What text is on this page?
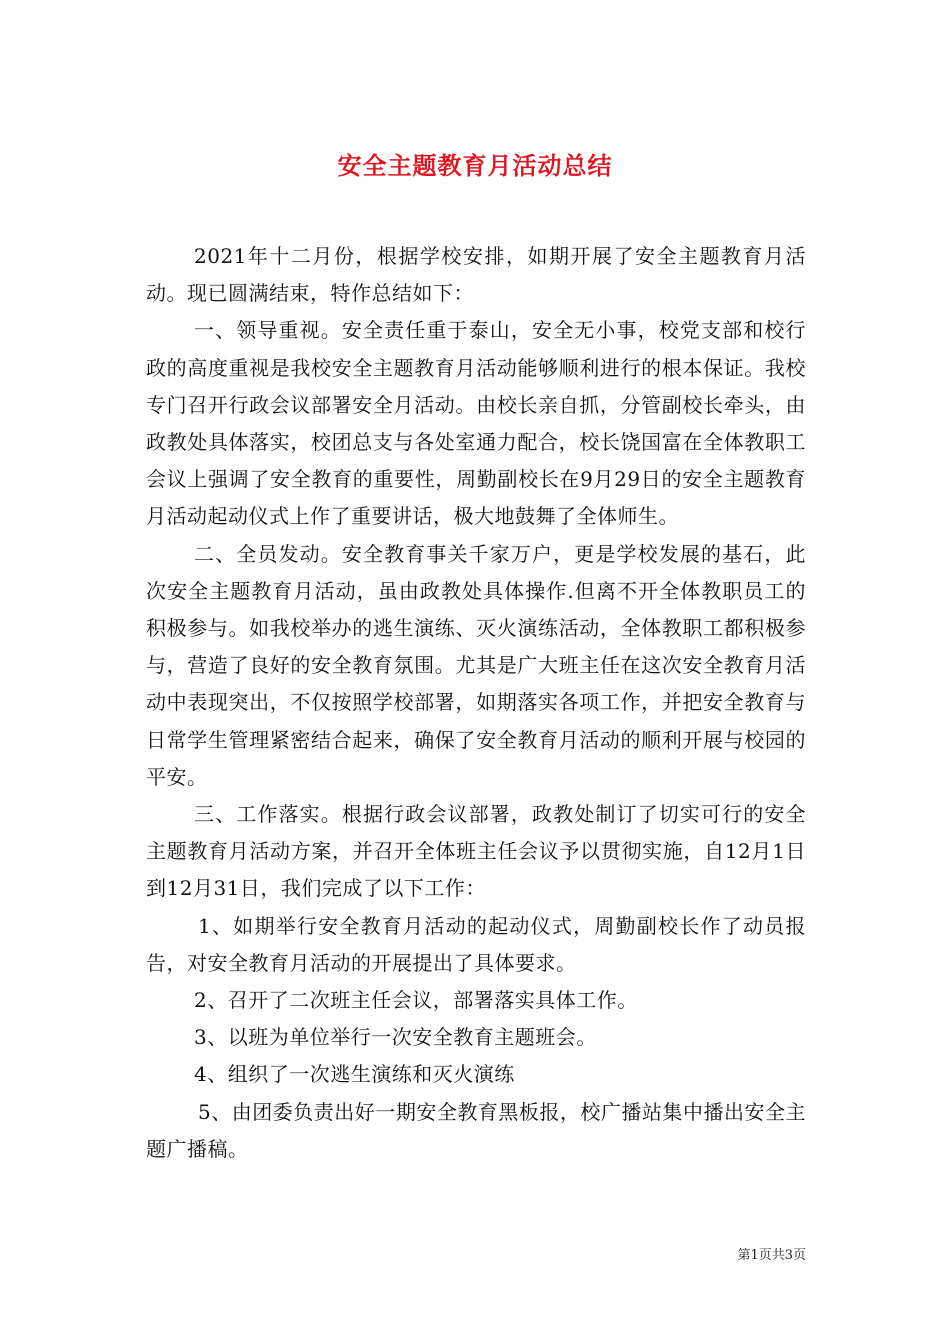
安全主题教育月活动总结

2021年十二月份，根据学校安排，如期开展了安全主题教育月活动。现已圆满结束，特作总结如下：

一、领导重视。安全责任重于泰山，安全无小事，校党支部和校行政的高度重视是我校安全主题教育月活动能够顺利进行的根本保证。我校专门召开行政会议部署安全月活动。由校长亲自抓，分管副校长牵头，由政教处具体落实，校团总支与各处室通力配合，校长饶国富在全体教职工会议上强调了安全教育的重要性，周勤副校长在9月29日的安全主题教育月活动起动仪式上作了重要讲话，极大地鼓舞了全体师生。

二、全员发动。安全教育事关千家万户，更是学校发展的基石，此次安全主题教育月活动，虽由政教处具体操作.但离不开全体教职员工的积极参与。如我校举办的逃生演练、灭火演练活动，全体教职工都积极参与，营造了良好的安全教育氛围。尤其是广大班主任在这次安全教育月活动中表现突出，不仅按照学校部署，如期落实各项工作，并把安全教育与日常学生管理紧密结合起来，确保了安全教育月活动的顺利开展与校园的平安。

三、工作落实。根据行政会议部署，政教处制订了切实可行的安全主题教育月活动方案，并召开全体班主任会议予以贯彻实施，自12月1日到12月31日，我们完成了以下工作：

1、如期举行安全教育月活动的起动仪式，周勤副校长作了动员报告，对安全教育月活动的开展提出了具体要求。

2、召开了二次班主任会议，部署落实具体工作。

3、以班为单位举行一次安全教育主题班会。

4、组织了一次逃生演练和灭火演练

5、由团委负责出好一期安全教育黑板报，校广播站集中播出安全主题广播稿。

第1页共3页
